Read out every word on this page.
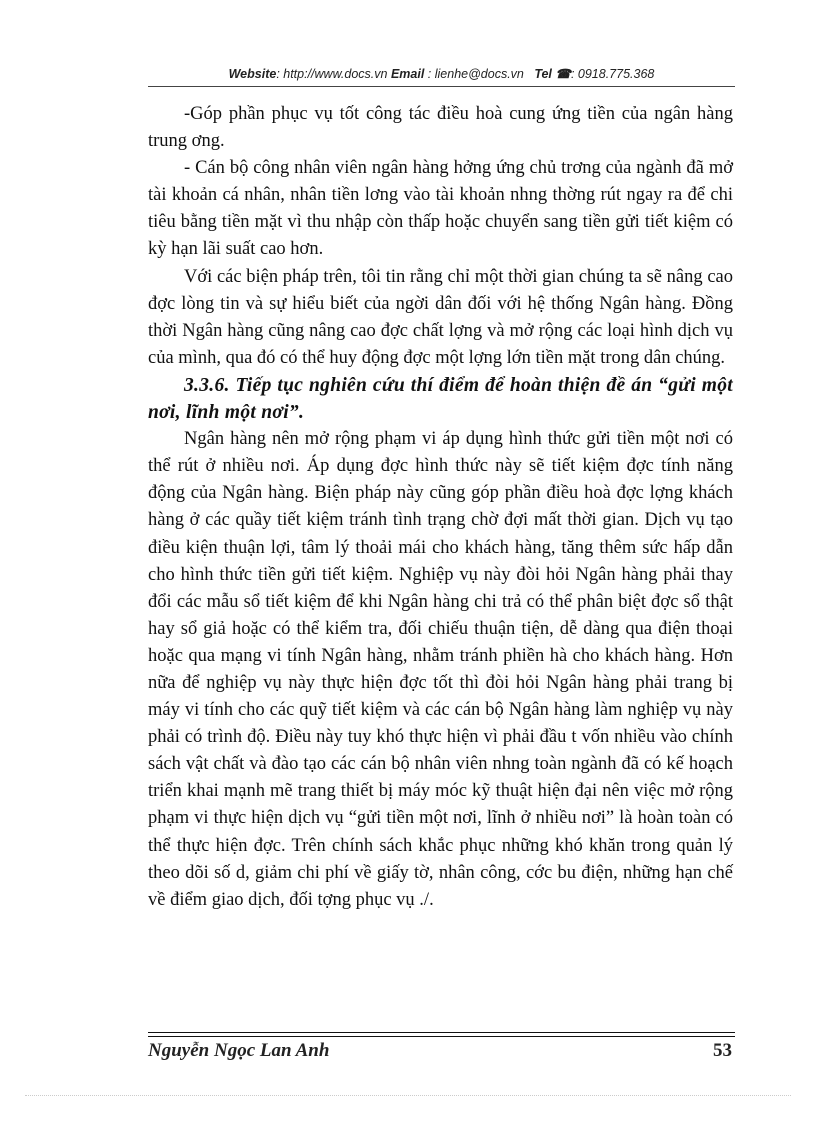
Website: http://www.docs.vn Email : lienhe@docs.vn Tel ☎: 0918.775.368

-Góp phần phục vụ tốt công tác điều hoà cung ứng tiền của ngân hàng trung ơng.

- Cán bộ công nhân viên ngân hàng hởng ứng chủ trơng của ngành đã mở tài khoản cá nhân, nhân tiền lơng vào tài khoản nhng thờng rút ngay ra để chi tiêu bằng tiền mặt vì thu nhập còn thấp hoặc chuyển sang tiền gửi tiết kiệm có kỳ hạn lãi suất cao hơn.

Với các biện pháp trên, tôi tin rằng chỉ một thời gian chúng ta sẽ nâng cao đợc lòng tin và sự hiểu biết của ngời dân đối với hệ thống Ngân hàng. Đồng thời Ngân hàng cũng nâng cao đợc chất lợng và mở rộng các loại hình dịch vụ của mình, qua đó có thể huy động đợc một lợng lớn tiền mặt trong dân chúng.

3.3.6. Tiếp tục nghiên cứu thí điểm để hoàn thiện đề án “gửi một nơi, lĩnh một nơi”.

Ngân hàng nên mở rộng phạm vi áp dụng hình thức gửi tiền một nơi có thể rút ở nhiều nơi. Áp dụng đợc hình thức này sẽ tiết kiệm đợc tính năng động của Ngân hàng. Biện pháp này cũng góp phần điều hoà đợc lợng khách hàng ở các quầy tiết kiệm tránh tình trạng chờ đợi mất thời gian. Dịch vụ tạo điều kiện thuận lợi, tâm lý thoải mái cho khách hàng, tăng thêm sức hấp dẫn cho hình thức tiền gửi tiết kiệm. Nghiệp vụ này đòi hỏi Ngân hàng phải thay đổi các mẫu sổ tiết kiệm để khi Ngân hàng chi trả có thể phân biệt đợc sổ thật hay sổ giả hoặc có thể kiểm tra, đối chiếu thuận tiện, dễ dàng qua điện thoại hoặc qua mạng vi tính Ngân hàng, nhằm tránh phiền hà cho khách hàng. Hơn nữa để nghiệp vụ này thực hiện đợc tốt thì đòi hỏi Ngân hàng phải trang bị máy vi tính cho các quỹ tiết kiệm và các cán bộ Ngân hàng làm nghiệp vụ này phải có trình độ. Điều này tuy khó thực hiện vì phải đầu t vốn nhiều vào chính sách vật chất và đào tạo các cán bộ nhân viên nhng toàn ngành đã có kế hoạch triển khai mạnh mẽ trang thiết bị máy móc kỹ thuật hiện đại nên việc mở rộng phạm vi thực hiện dịch vụ “gửi tiền một nơi, lĩnh ở nhiều nơi” là hoàn toàn có thể thực hiện đợc. Trên chính sách khắc phục những khó khăn trong quản lý theo dõi số d, giảm chi phí về giấy tờ, nhân công, cớc bu điện, những hạn chế về điểm giao dịch, đối tợng phục vụ ./.

Nguyễn Ngọc Lan Anh	53
